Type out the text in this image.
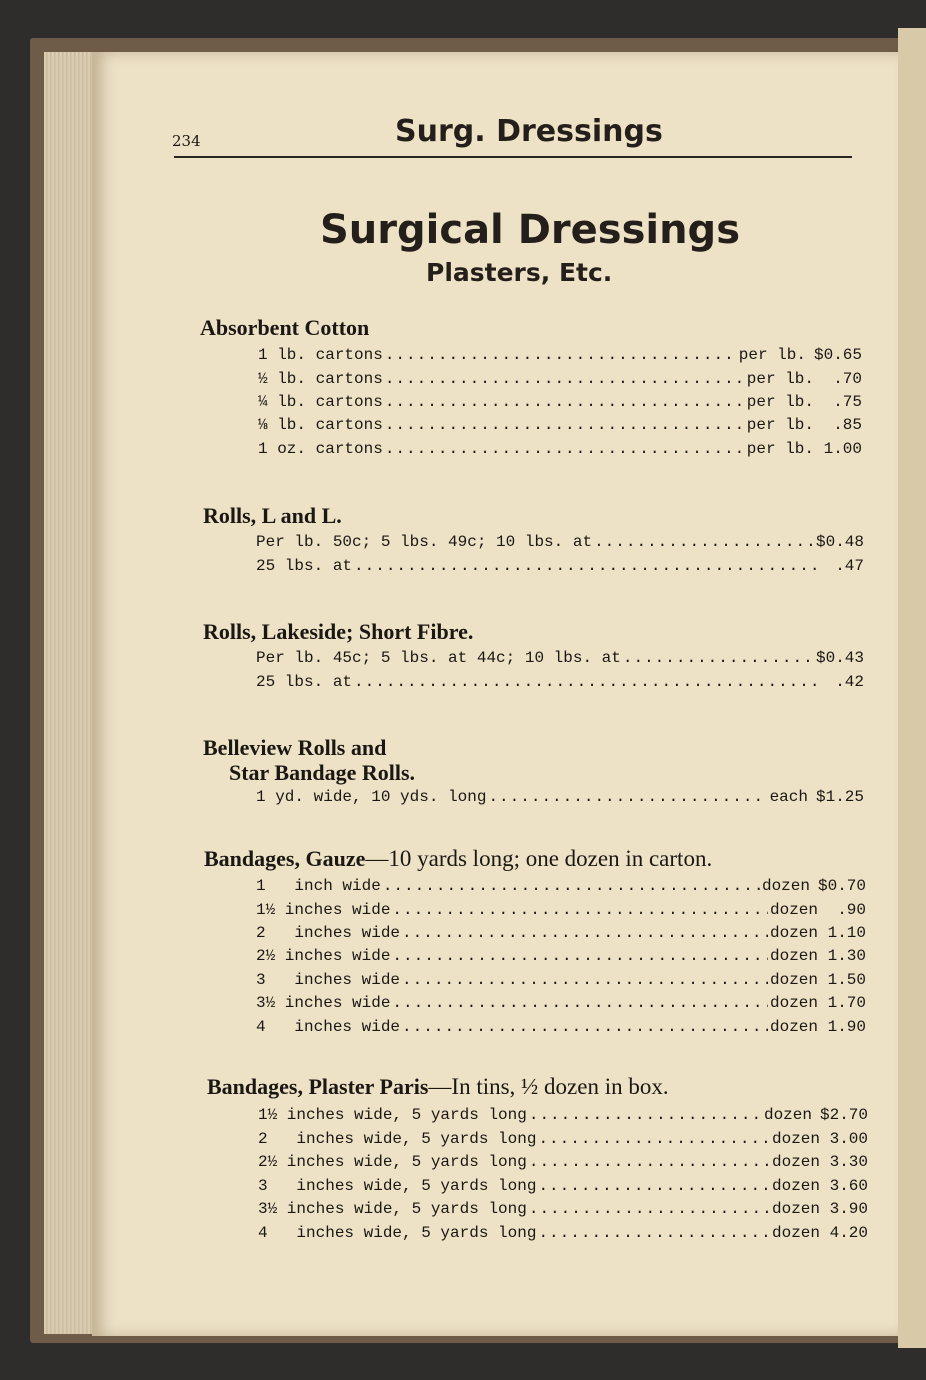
234	Surg. Dressings
Surgical Dressings
Plasters, Etc.
Absorbent Cotton
1 lb. cartons .....	per lb. $0.65
½ lb. cartons .....	per lb.	.70
¼ lb. cartons .....	per lb.	.75
⅛ lb. cartons .....	per lb.	.85
1 oz. cartons .....	per lb. 1.00
Rolls, L and L.
Per lb. 50c; 5 lbs. 49c; 10 lbs. at .....	$0.48
25 lbs. at .....	.47
Rolls, Lakeside; Short Fibre.
Per lb. 45c; 5 lbs. at 44c; 10 lbs. at .....	$0.43
25 lbs. at .....	.42
Belleview Rolls and
Star Bandage Rolls.
1 yd. wide, 10 yds. long .....	each $1.25
Bandages, Gauze—10 yards long; one dozen in carton.
1   inch wide .....	dozen $0.70
1½ inches wide .....	dozen	.90
2   inches wide .....	dozen 1.10
2½ inches wide .....	dozen 1.30
3   inches wide .....	dozen 1.50
3½ inches wide .....	dozen 1.70
4   inches wide .....	dozen 1.90
Bandages, Plaster Paris—In tins, ½ dozen in box.
1½ inches wide, 5 yards long .....	dozen $2.70
2   inches wide, 5 yards long .....	dozen 3.00
2½ inches wide, 5 yards long .....	dozen 3.30
3   inches wide, 5 yards long .....	dozen 3.60
3½ inches wide, 5 yards long .....	dozen 3.90
4   inches wide, 5 yards long .....	dozen 4.20
